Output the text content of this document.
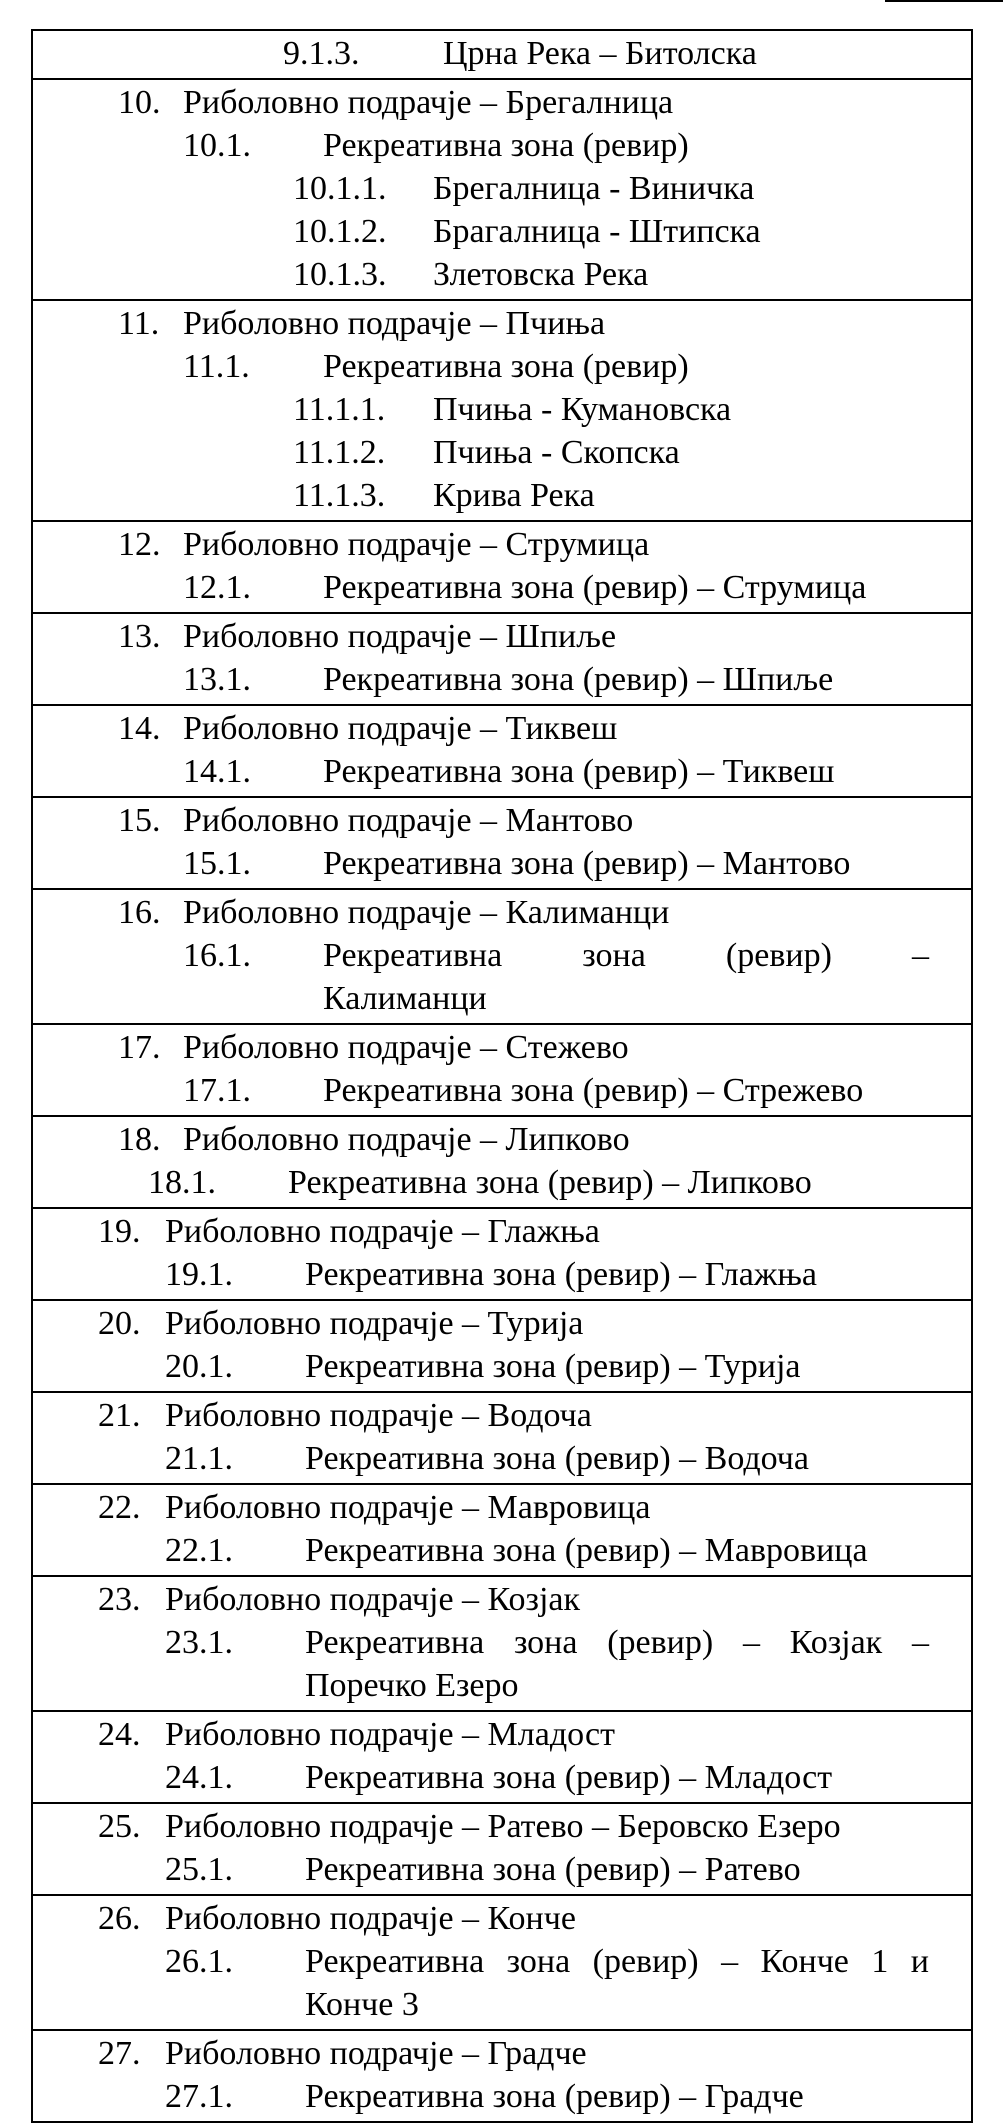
9.1.3. Црна Река – Битолска
10. Риболовно подрачје – Брегалница
10.1. Рекреативна зона (ревир)
10.1.1. Брегалница - Виничка
10.1.2. Брагалница - Штипска
10.1.3. Злетовска Река
11. Риболовно подрачје – Пчиња
11.1. Рекреативна зона (ревир)
11.1.1. Пчиња - Кумановска
11.1.2. Пчиња - Скопска
11.1.3. Крива Река
12. Риболовно подрачје – Струмица
12.1. Рекреативна зона (ревир) – Струмица
13. Риболовно подрачје – Шпиље
13.1. Рекреативна зона (ревир) – Шпиље
14. Риболовно подрачје – Тиквеш
14.1. Рекреативна зона (ревир) – Тиквеш
15. Риболовно подрачје – Мантово
15.1. Рекреативна зона (ревир) – Мантово
16. Риболовно подрачје – Калиманци
16.1. Рекреативна зона (ревир) –
Калиманци
17. Риболовно подрачје – Стежево
17.1. Рекреативна зона (ревир) – Стрежево
18. Риболовно подрачје – Липково
18.1. Рекреативна зона (ревир) – Липково
19. Риболовно подрачје – Глажња
19.1. Рекреативна зона (ревир) – Глажња
20. Риболовно подрачје – Турија
20.1. Рекреативна зона (ревир) – Турија
21. Риболовно подрачје – Водоча
21.1. Рекреативна зона (ревир) – Водоча
22. Риболовно подрачје – Мавровица
22.1. Рекреативна зона (ревир) – Мавровица
23. Риболовно подрачје – Козјак
23.1. Рекреативна зона (ревир) – Козјак –
Поречко Езеро
24. Риболовно подрачје – Младост
24.1. Рекреативна зона (ревир) – Младост
25. Риболовно подрачје – Ратево – Беровско Езеро
25.1. Рекреативна зона (ревир) – Ратево
26. Риболовно подрачје – Конче
26.1. Рекреативна зона (ревир) – Конче 1 и
Конче 3
27. Риболовно подрачје – Градче
27.1. Рекреативна зона (ревир) – Градче
